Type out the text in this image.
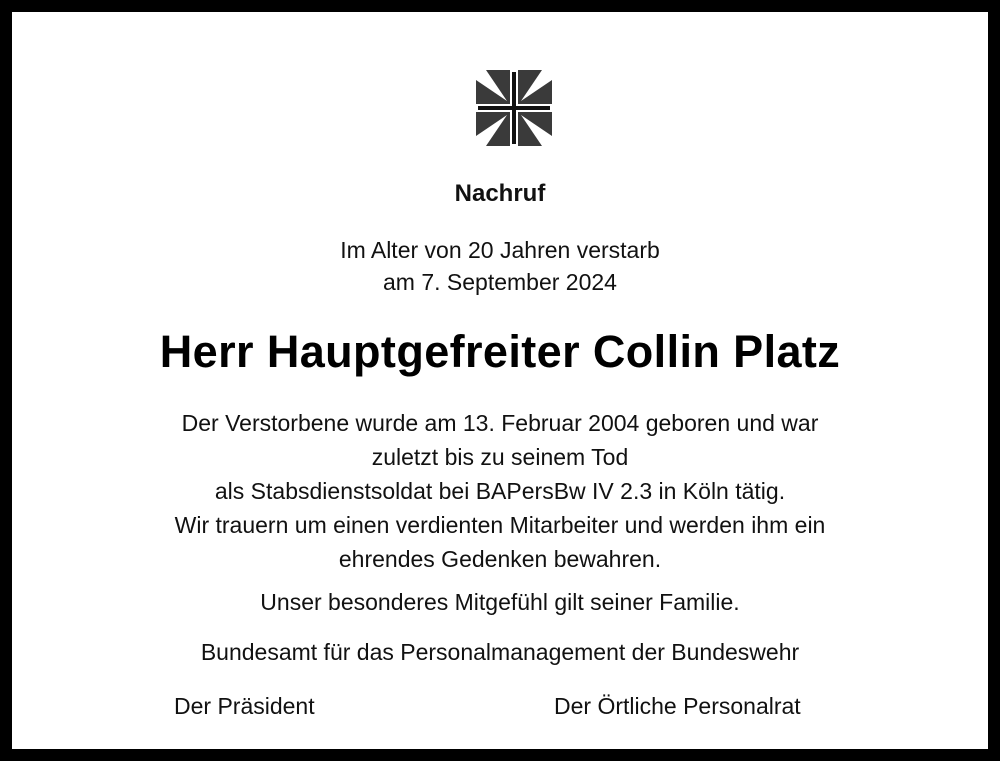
Nachruf
Im Alter von 20 Jahren verstarb
am 7. September 2024
Herr Hauptgefreiter Collin Platz
Der Verstorbene wurde am 13. Februar 2004 geboren und war
zuletzt bis zu seinem Tod
als Stabsdienstsoldat bei BAPersBw IV 2.3 in Köln tätig.
Wir trauern um einen verdienten Mitarbeiter und werden ihm ein
ehrendes Gedenken bewahren.
Unser besonderes Mitgefühl gilt seiner Familie.
Bundesamt für das Personalmanagement der Bundeswehr
Der Präsident	Der Örtliche Personalrat
